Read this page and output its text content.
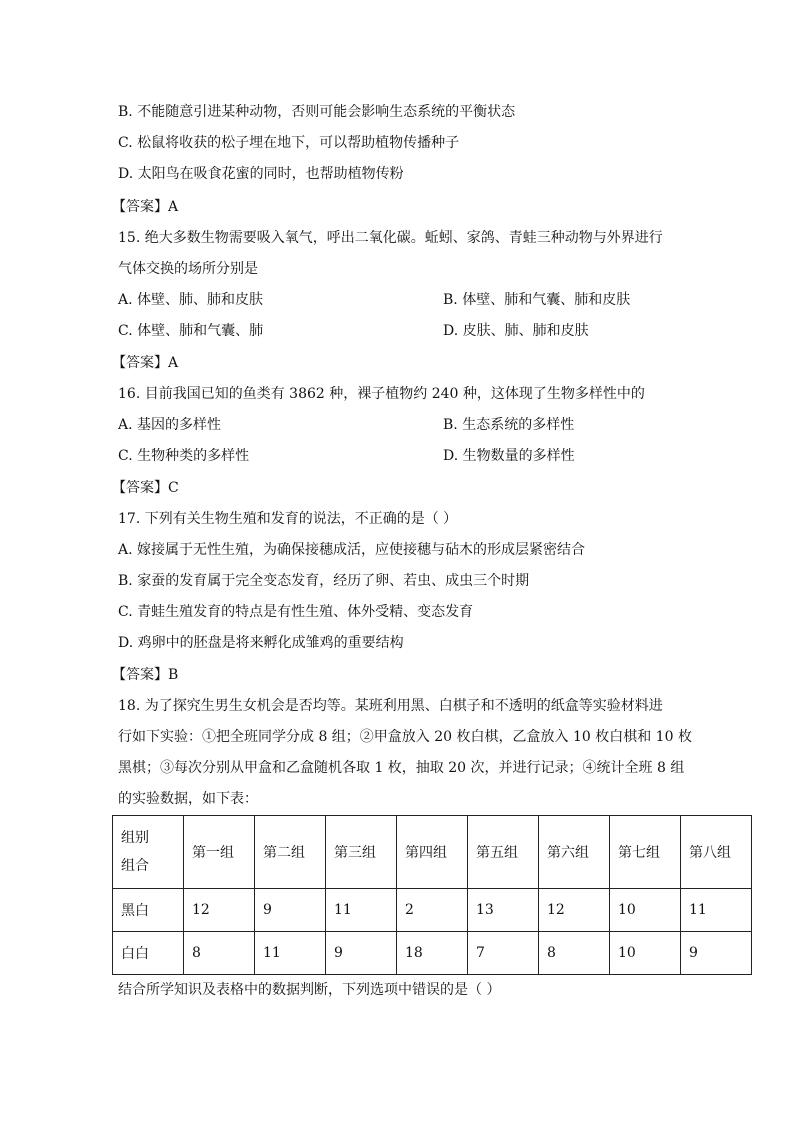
B. 不能随意引进某种动物，否则可能会影响生态系统的平衡状态
C. 松鼠将收获的松子埋在地下，可以帮助植物传播种子
D. 太阳鸟在吸食花蜜的同时，也帮助植物传粉
【答案】A
15. 绝大多数生物需要吸入氧气，呼出二氧化碳。蚯蚓、家鸽、青蛙三种动物与外界进行
气体交换的场所分别是
A. 体壁、肺、肺和皮肤	B. 体壁、肺和气囊、肺和皮肤
C. 体壁、肺和气囊、肺	D. 皮肤、肺、肺和皮肤
【答案】A
16. 目前我国已知的鱼类有 3862 种，裸子植物约 240 种，这体现了生物多样性中的
A. 基因的多样性	B. 生态系统的多样性
C. 生物种类的多样性	D. 生物数量的多样性
【答案】C
17. 下列有关生物生殖和发育的说法，不正确的是（ ）
A. 嫁接属于无性生殖，为确保接穗成活，应使接穗与砧木的形成层紧密结合
B. 家蚕的发育属于完全变态发育，经历了卵、若虫、成虫三个时期
C. 青蛙生殖发育的特点是有性生殖、体外受精、变态发育
D. 鸡卵中的胚盘是将来孵化成雏鸡的重要结构
【答案】B
18. 为了探究生男生女机会是否均等。某班利用黑、白棋子和不透明的纸盒等实验材料进
行如下实验：①把全班同学分成 8 组；②甲盒放入 20 枚白棋，乙盒放入 10 枚白棋和 10 枚
黑棋；③每次分别从甲盒和乙盒随机各取 1 枚，抽取 20 次，并进行记录；④统计全班 8 组
的实验数据，如下表：
组别
组合	第一组	第二组	第三组	第四组	第五组	第六组	第七组	第八组
黑白	12	9	11	2	13	12	10	11
白白	8	11	9	18	7	8	10	9
结合所学知识及表格中的数据判断，下列选项中错误的是（ ）
